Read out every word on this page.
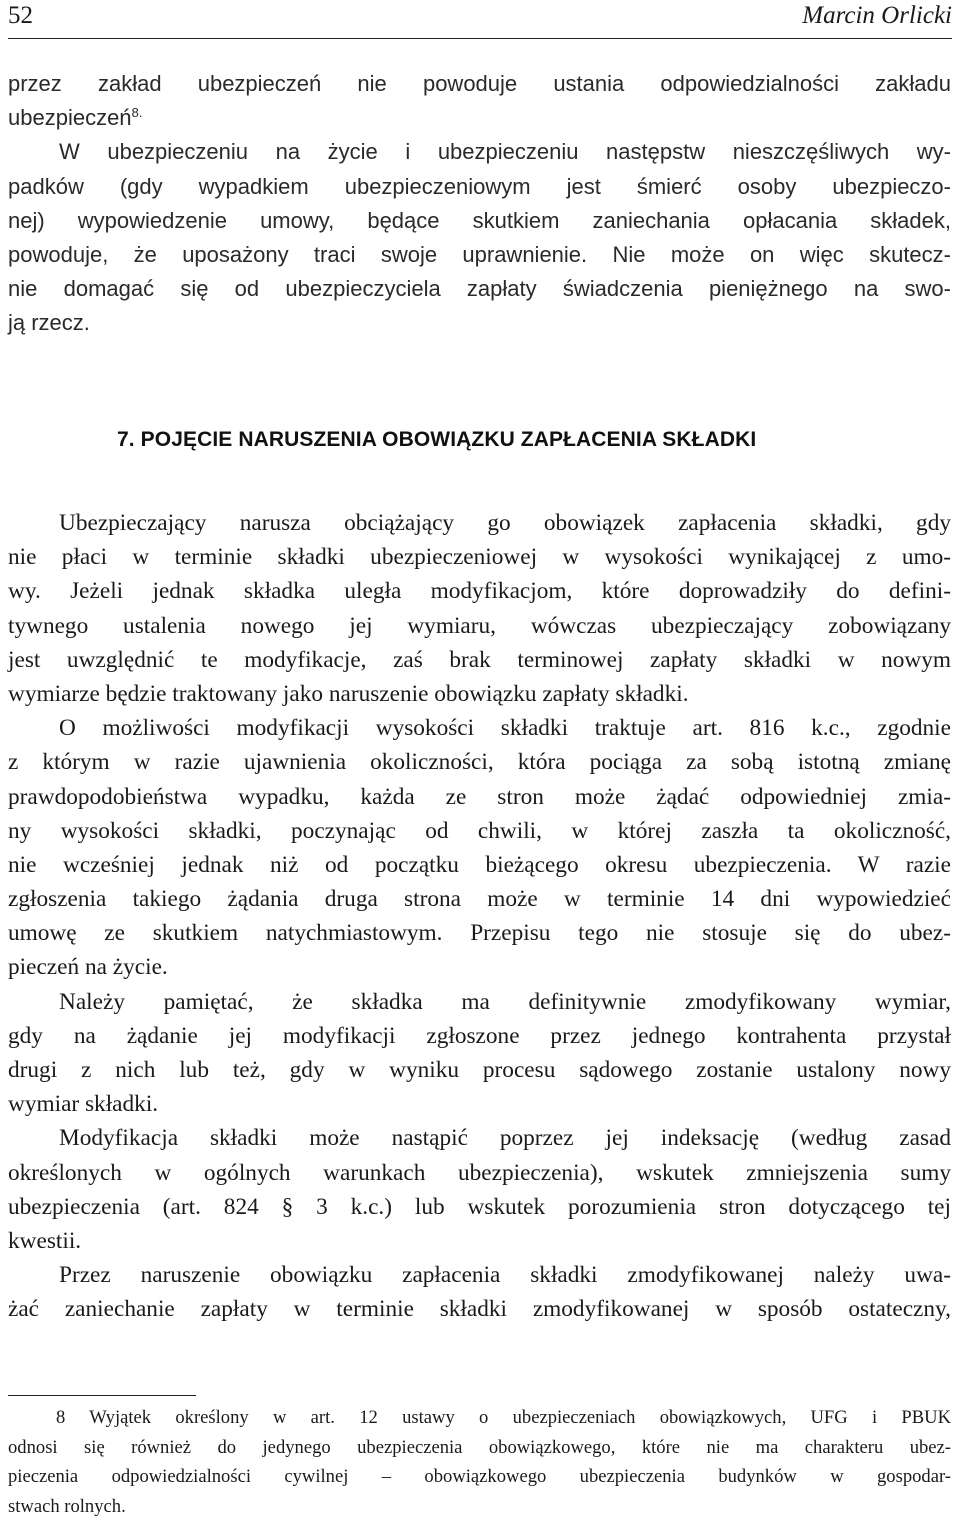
52	Marcin Orlicki
przez zakład ubezpieczeń nie powoduje ustania odpowiedzialności zakładu
ubezpieczeń$^{8.}$
W ubezpieczeniu na życie i ubezpieczeniu następstw nieszczęśliwych wy-
padków (gdy wypadkiem ubezpieczeniowym jest śmierć osoby ubezpieczo-
nej) wypowiedzenie umowy, będące skutkiem zaniechania opłacania składek,
powoduje, że uposażony traci swoje uprawnienie. Nie może on więc skutecz-
nie domagać się od ubezpieczyciela zapłaty świadczenia pieniężnego na swo-
ją rzecz.
7. POJĘCIE NARUSZENIA OBOWIĄZKU ZAPŁACENIA SKŁADKI
Ubezpieczający narusza obciążający go obowiązek zapłacenia składki, gdy
nie płaci w terminie składki ubezpieczeniowej w wysokości wynikającej z umo-
wy. Jeżeli jednak składka uległa modyfikacjom, które doprowadziły do defini-
tywnego ustalenia nowego jej wymiaru, wówczas ubezpieczający zobowiązany
jest uwzględnić te modyfikacje, zaś brak terminowej zapłaty składki w nowym
wymiarze będzie traktowany jako naruszenie obowiązku zapłaty składki.
O możliwości modyfikacji wysokości składki traktuje art. 816 k.c., zgodnie
z którym w razie ujawnienia okoliczności, która pociąga za sobą istotną zmianę
prawdopodobieństwa wypadku, każda ze stron może żądać odpowiedniej zmia-
ny wysokości składki, poczynając od chwili, w której zaszła ta okoliczność,
nie wcześniej jednak niż od początku bieżącego okresu ubezpieczenia. W razie
zgłoszenia takiego żądania druga strona może w terminie 14 dni wypowiedzieć
umowę ze skutkiem natychmiastowym. Przepisu tego nie stosuje się do ubez-
pieczeń na życie.
Należy pamiętać, że składka ma definitywnie zmodyfikowany wymiar,
gdy na żądanie jej modyfikacji zgłoszone przez jednego kontrahenta przystał
drugi z nich lub też, gdy w wyniku procesu sądowego zostanie ustalony nowy
wymiar składki.
Modyfikacja składki może nastąpić poprzez jej indeksację (według zasad
określonych w ogólnych warunkach ubezpieczenia), wskutek zmniejszenia sumy
ubezpieczenia (art. 824 § 3 k.c.) lub wskutek porozumienia stron dotyczącego tej
kwestii.
Przez naruszenie obowiązku zapłacenia składki zmodyfikowanej należy uwa-
żać zaniechanie zapłaty w terminie składki zmodyfikowanej w sposób ostateczny,
8 Wyjątek określony w art. 12 ustawy o ubezpieczeniach obowiązkowych, UFG i PBUK
odnosi się również do jedynego ubezpieczenia obowiązkowego, które nie ma charakteru ubez-
pieczenia odpowiedzialności cywilnej – obowiązkowego ubezpieczenia budynków w gospodar-
stwach rolnych.
